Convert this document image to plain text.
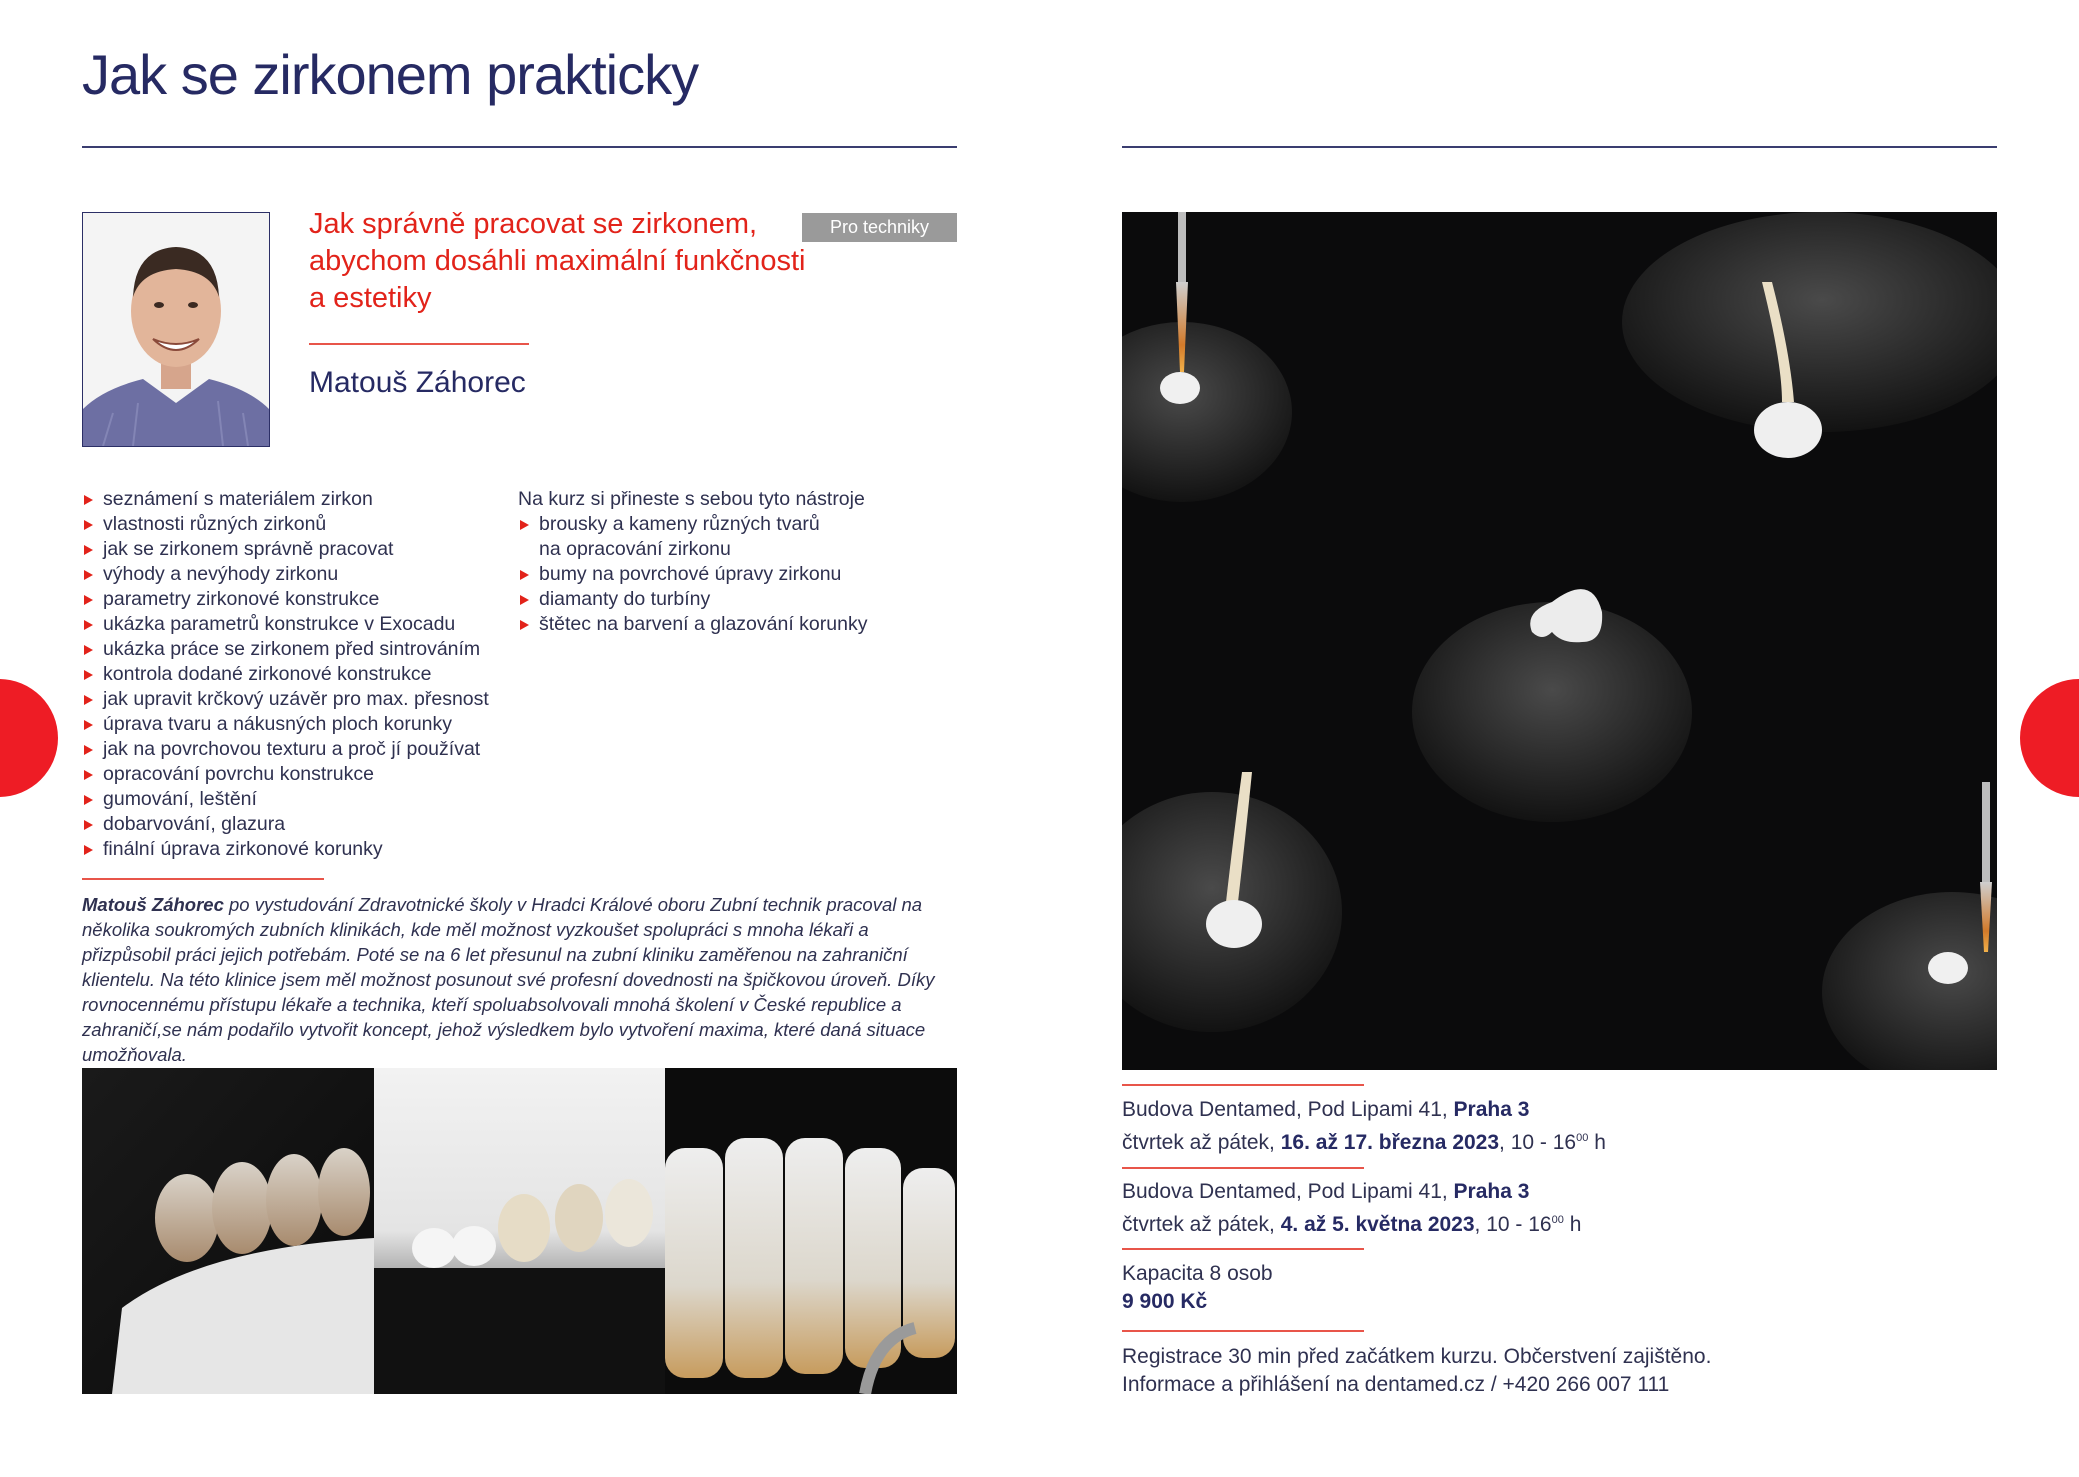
Jak se zirkonem prakticky
Jak správně pracovat se zirkonem, abychom dosáhli maximální funkčnosti a estetiky
Pro techniky
Matouš Záhorec
seznámení s materiálem zirkon
vlastnosti různých zirkonů
jak se zirkonem správně pracovat
výhody a nevýhody zirkonu
parametry zirkonové konstrukce
ukázka parametrů konstrukce v Exocadu
ukázka práce se zirkonem před sintrováním
kontrola dodané zirkonové konstrukce
jak upravit krčkový uzávěr pro max. přesnost
úprava tvaru a nákusných ploch korunky
jak na povrchovou texturu a proč jí používat
opracování povrchu konstrukce
gumování, leštění
dobarvování, glazura
finální úprava zirkonové korunky
Na kurz si přineste s sebou tyto nástroje
brousky a kameny různých tvarů na opracování zirkonu
bumy na povrchové úpravy zirkonu
diamanty do turbíny
štětec na barvení a glazování korunky
Matouš Záhorec po vystudování Zdravotnické školy v Hradci Králové oboru Zubní technik pracoval na několika soukromých zubních klinikách, kde měl možnost vyzkoušet spolupráci s mnoha lékaři a přizpůsobil práci jejich potřebám. Poté se na 6 let přesunul na zubní kliniku zaměřenou na zahraniční klientelu. Na této klinice jsem měl možnost posunout své profesní dovednosti na špičkovou úroveň. Díky rovnocennému přístupu lékaře a technika, kteří spoluabsolvovali mnohá školení v České republice a zahraničí,se nám podařilo vytvořit koncept, jehož výsledkem bylo vytvoření maxima, které daná situace umožňovala.
Budova Dentamed, Pod Lipami 41, Praha 3
čtvrtek až pátek, 16. až 17. března 2023, $10 - 16^{00}$ h
Budova Dentamed, Pod Lipami 41, Praha 3
čtvrtek až pátek, 4. až 5. května 2023, $10 - 16^{00}$ h
Kapacita 8 osob
9 900 Kč
Registrace 30 min před začátkem kurzu. Občerstvení zajištěno.
Informace a přihlášení na dentamed.cz / +420 266 007 111
